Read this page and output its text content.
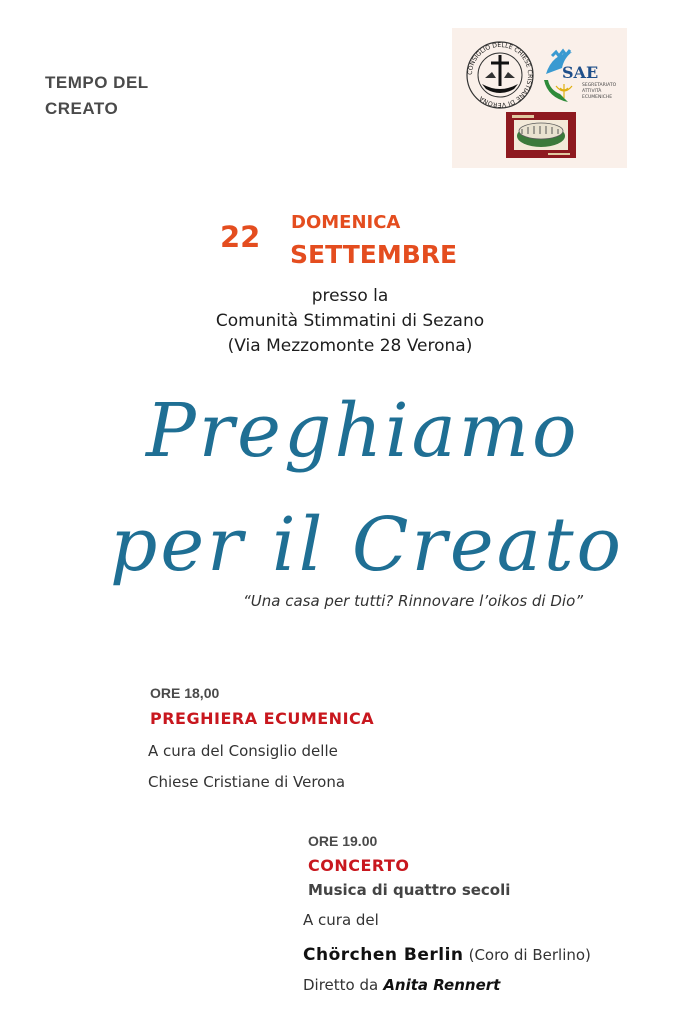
TEMPO DEL
CREATO
CONSIGLIO DELLE CHIESE CRISTIANE DI VERONA
SAE
SEGRETARIATO
ATTIVITÀ
ECUMENICHE
22 DOMENICA
SETTEMBRE
presso la
Comunità Stimmatini di Sezano
(Via Mezzomonte 28 Verona)
Preghiamo
per il Creato
“Una casa per tutti? Rinnovare l’oikos di Dio”
ORE 18,00
PREGHIERA ECUMENICA
A cura del Consiglio delle
Chiese Cristiane di Verona
ORE 19.00
CONCERTO
Musica di quattro secoli
A cura del
Chörchen Berlin (Coro di Berlino)
Diretto da Anita Rennert
